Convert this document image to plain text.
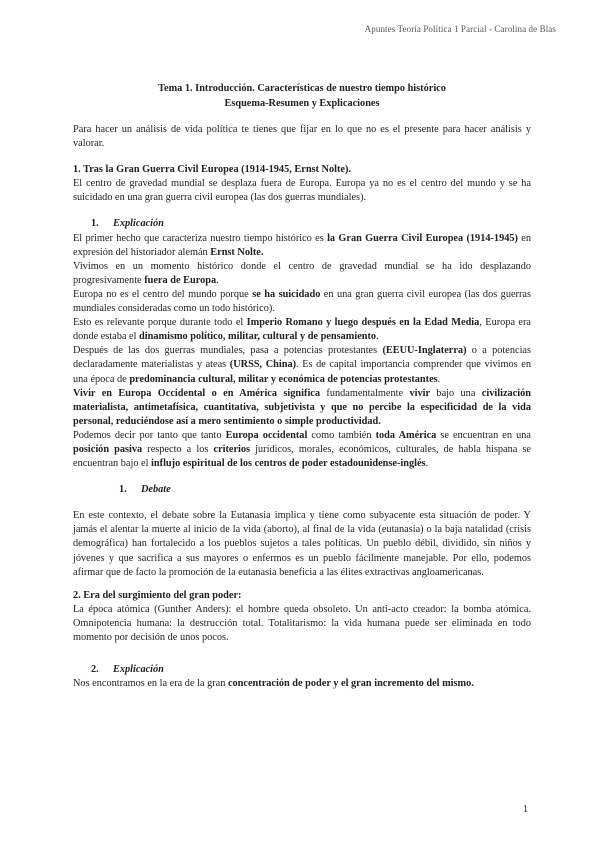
Apuntes Teoría Política 1 Parcial - Carolina de Blas
Tema 1. Introducción. Características de nuestro tiempo histórico
Esquema-Resumen y Explicaciones

Para hacer un análisis de vida política te tienes que fijar en lo que no es el presente para hacer análisis y valorar.

1. Tras la Gran Guerra Civil Europea (1914-1945, Ernst Nolte).

El centro de gravedad mundial se desplaza fuera de Europa. Europa ya no es el centro del mundo y se ha suicidado en una gran guerra civil europea (las dos guerras mundiales).

1. Explicación

El primer hecho que caracteriza nuestro tiempo histórico es la Gran Guerra Civil Europea (1914-1945) en expresión del historiador alemán Ernst Nolte.

Vivimos en un momento histórico donde el centro de gravedad mundial se ha ido desplazando progresivamente fuera de Europa.

Europa no es el centro del mundo porque se ha suicidado en una gran guerra civil europea (las dos guerras mundiales consideradas como un todo histórico).

Esto es relevante porque durante todo el Imperio Romano y luego después en la Edad Media, Europa era donde estaba el dinamismo político, militar, cultural y de pensamiento.

Después de las dos guerras mundiales, pasa a potencias protestantes (EEUU-Inglaterra) o a potencias declaradamente materialistas y ateas (URSS, China). Es de capital importancia comprender que vivimos en una época de predominancia cultural, militar y económica de potencias protestantes.

Vivir en Europa Occidental o en América significa fundamentalmente vivir bajo una civilización materialista, antimetafísica, cuantitativa, subjetivista y que no percibe la especificidad de la vida personal, reduciéndose así a mero sentimiento o simple productividad.

Podemos decir por tanto que tanto Europa occidental como también toda América se encuentran en una posición pasiva respecto a los criterios jurídicos, morales, económicos, culturales, de habla hispana se encuentran bajo el influjo espiritual de los centros de poder estadounidense-inglés.

1. Debate

En este contexto, el debate sobre la Eutanasia implica y tiene como subyacente esta situación de poder. Y jamás el alentar la muerte al inicio de la vida (aborto), al final de la vida (eutanasia) o la baja natalidad (crisis demográfica) han fortalecido a los pueblos sujetos a tales políticas. Un pueblo débil, dividido, sin niños y jóvenes y que sacrifica a sus mayores o enfermos es un pueblo fácilmente manejable. Por ello, podemos afirmar que de facto la promoción de la eutanasia beneficia a las élites extractivas angloamericanas.

2. Era del surgimiento del gran poder:

La época atómica (Gunther Anders): el hombre queda obsoleto. Un anti-acto creador: la bomba atómica. Omnipotencia humana: la destrucción total. Totalitarismo: la vida humana puede ser eliminada en todo momento por decisión de unos pocos.

2. Explicación

Nos encontramos en la era de la gran concentración de poder y el gran incremento del mismo.

1
